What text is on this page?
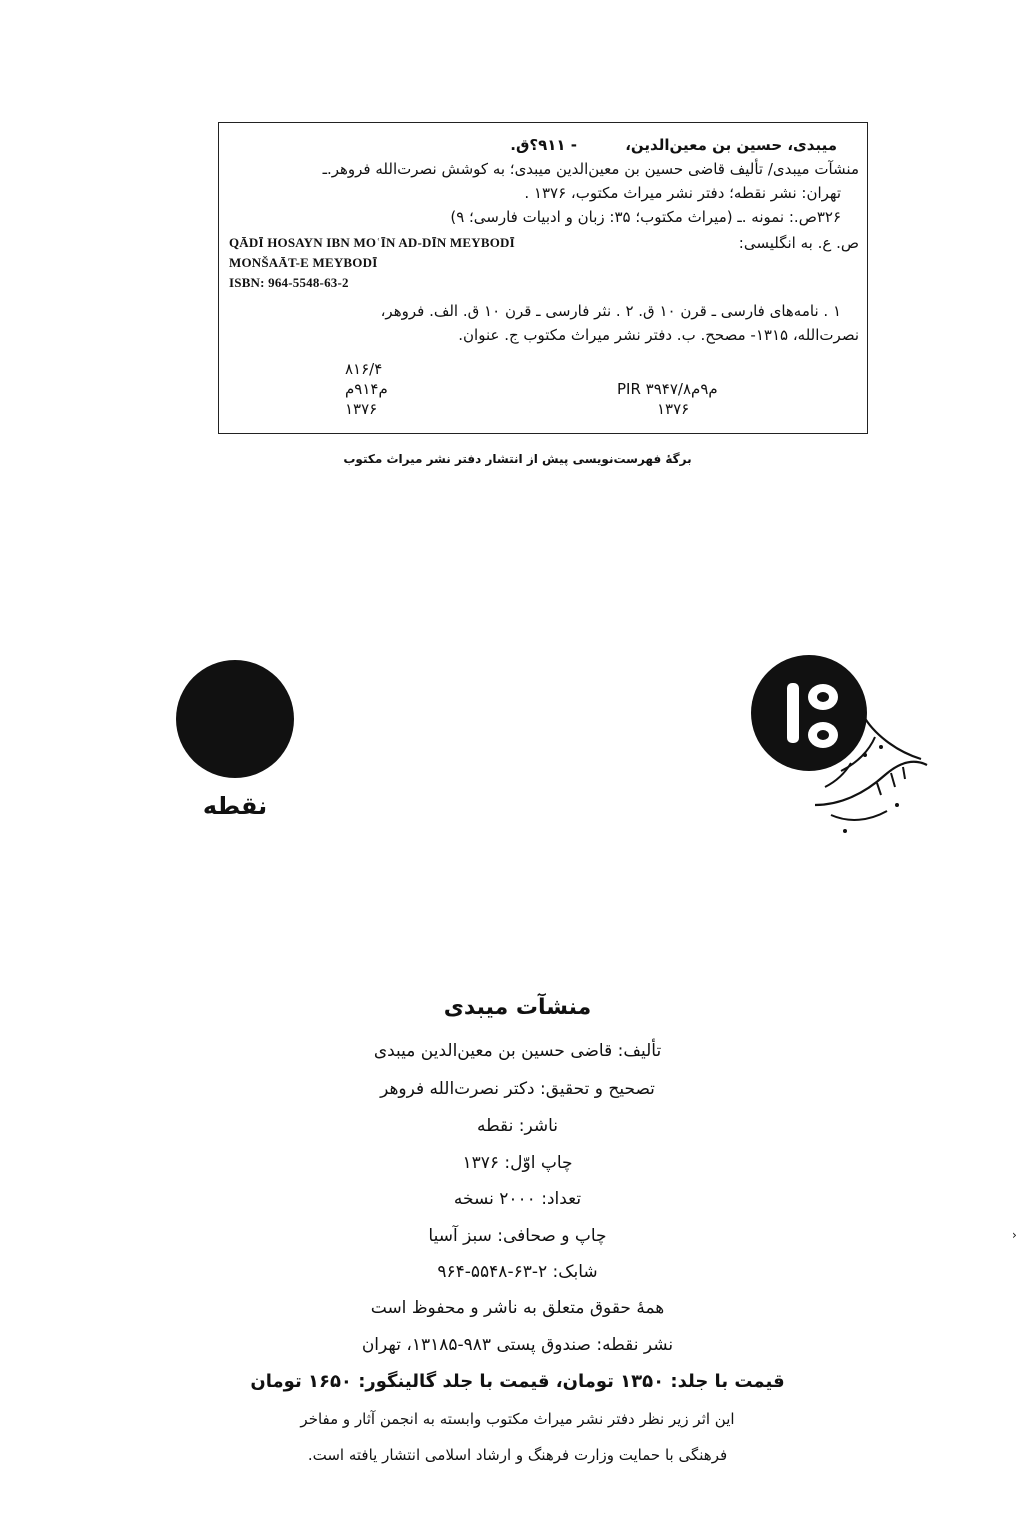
میبدی، حسین بن معین‌الدین،
- ۹۱۱؟ق.
منشآت میبدی/ تألیف قاضی حسین بن معین‌الدین میبدی؛ به کوشش نصرت‌الله فروهر.ـ
تهران: نشر نقطه؛ دفتر نشر میراث مکتوب، ۱۳۷۶ .
۳۲۶ص.: نمونه .ـ (میراث مکتوب؛ ۳۵: زبان و ادبیات فارسی؛ ۹)
ص. ع. به انگلیسی:
QĀDĪ HOSAYN IBN MOʿĪN AD-DĪN MEYBODĪ
MONŠAĀT-E MEYBODĪ
ISBN: 964-5548-63-2
۱ . نامه‌های فارسی ـ قرن ۱۰ ق. ۲ . نثر فارسی ـ قرن ۱۰ ق. الف. فروهر،
نصرت‌الله، ۱۳۱۵- مصحح. ب. دفتر نشر میراث مکتوب ج. عنوان.
۸۱۶/۴
م۹۱۴م
۱۳۷۶
PIR ۳۹۴۷/م۹م۸
۱۳۷۶
برگهٔ فهرست‌نویسی پیش از انتشار دفتر نشر میراث مکتوب
نقطه
منشآت میبدی
تألیف: قاضی حسین بن معین‌الدین میبدی
تصحیح و تحقیق: دکتر نصرت‌الله فروهر
ناشر: نقطه
چاپ اوّل: ۱۳۷۶
تعداد: ۲۰۰۰ نسخه
چاپ و صحافی: سبز آسیا
شابک: ۲-۶۳-۵۵۴۸-۹۶۴
همهٔ حقوق متعلق به ناشر و محفوظ است
نشر نقطه: صندوق پستی ۹۸۳-۱۳۱۸۵، تهران
قیمت با جلد: ۱۳۵۰ تومان، قیمت با جلد گالینگور: ۱۶۵۰ تومان
این اثر زیر نظر دفتر نشر میراث مکتوب وابسته به انجمن آثار و مفاخر
فرهنگی با حمایت وزارت فرهنگ و ارشاد اسلامی انتشار یافته است.
›
